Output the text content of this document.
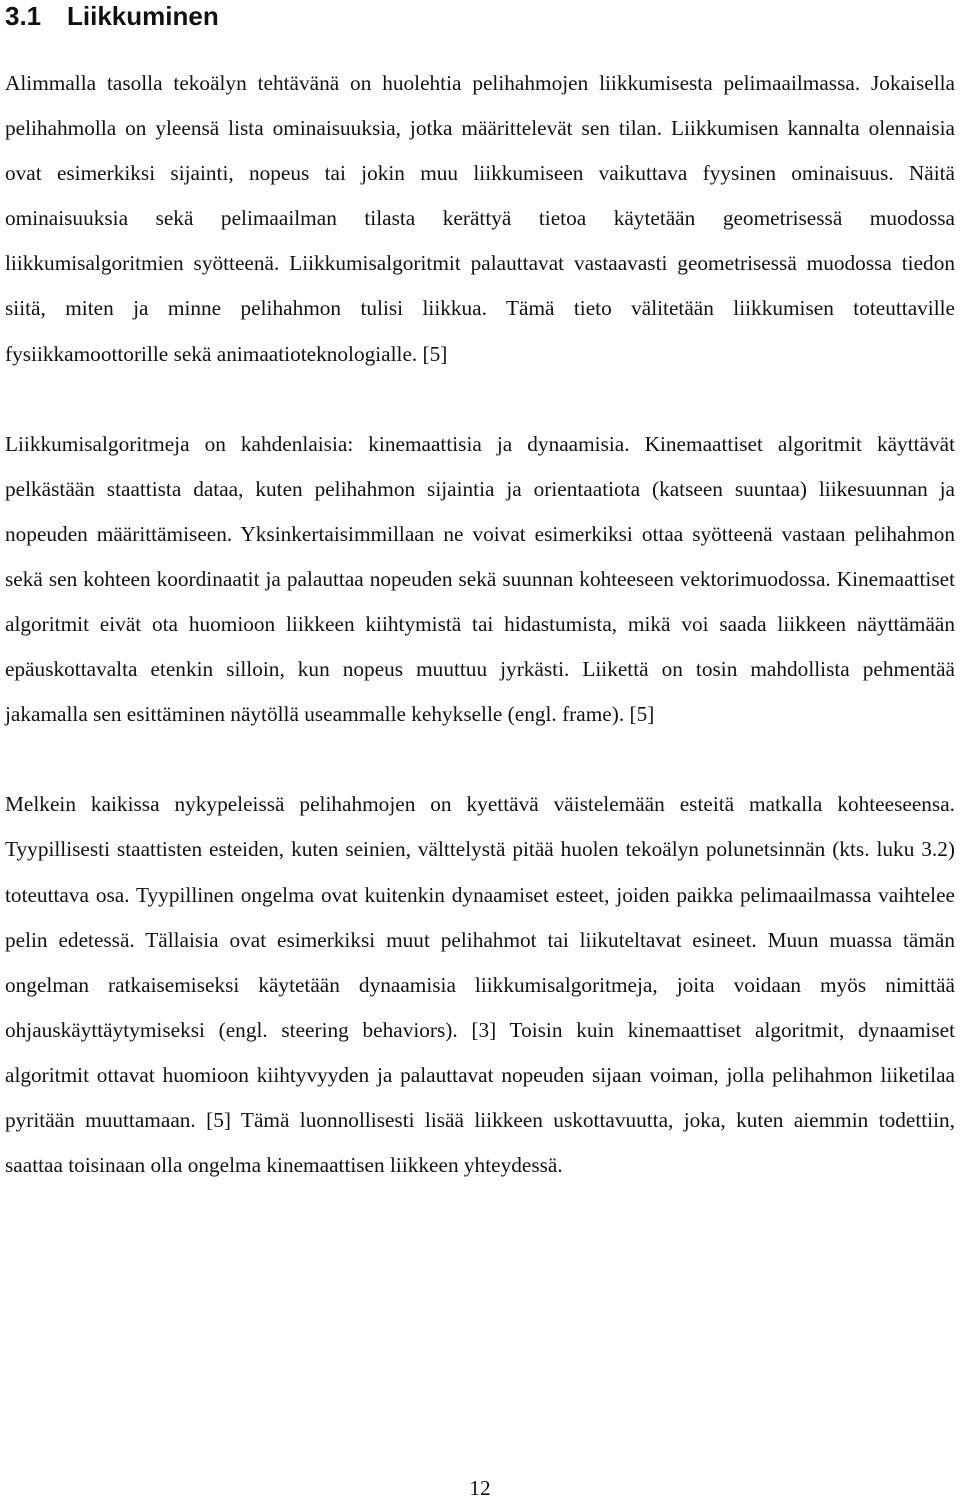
3.1 Liikkuminen

Alimmalla tasolla tekoälyn tehtävänä on huolehtia pelihahmojen liikkumisesta pelimaailmassa. Jokaisella pelihahmolla on yleensä lista ominaisuuksia, jotka määrittelevät sen tilan. Liikkumisen kannalta olennaisia ovat esimerkiksi sijainti, nopeus tai jokin muu liikkumiseen vaikuttava fyysinen ominaisuus. Näitä ominaisuuksia sekä pelimaailman tilasta kerättyä tietoa käytetään geometrisessä muodossa liikkumisalgoritmien syötteenä. Liikkumisalgoritmit palauttavat vastaavasti geometrisessä muodossa tiedon siitä, miten ja minne pelihahmon tulisi liikkua. Tämä tieto välitetään liikkumisen toteuttaville fysiikkamoottorille sekä animaatioteknologialle. [5]

Liikkumisalgoritmeja on kahdenlaisia: kinemaattisia ja dynaamisia. Kinemaattiset algoritmit käyttävät pelkästään staattista dataa, kuten pelihahmon sijaintia ja orientaatiota (katseen suuntaa) liikesuunnan ja nopeuden määrittämiseen. Yksinkertaisimmillaan ne voivat esimerkiksi ottaa syötteenä vastaan pelihahmon sekä sen kohteen koordinaatit ja palauttaa nopeuden sekä suunnan kohteeseen vektorimuodossa. Kinemaattiset algoritmit eivät ota huomioon liikkeen kiihtymistä tai hidastumista, mikä voi saada liikkeen näyttämään epäuskottavalta etenkin silloin, kun nopeus muuttuu jyrkästi. Liikettä on tosin mahdollista pehmentää jakamalla sen esittäminen näytöllä useammalle kehykselle (engl. frame). [5]

Melkein kaikissa nykypeleissä pelihahmojen on kyettävä väistelemään esteitä matkalla kohteeseensa. Tyypillisesti staattisten esteiden, kuten seinien, välttelystä pitää huolen tekoälyn polunetsinnän (kts. luku 3.2) toteuttava osa. Tyypillinen ongelma ovat kuitenkin dynaamiset esteet, joiden paikka pelimaailmassa vaihtelee pelin edetessä. Tällaisia ovat esimerkiksi muut pelihahmot tai liikuteltavat esineet. Muun muassa tämän ongelman ratkaisemiseksi käytetään dynaamisia liikkumisalgoritmeja, joita voidaan myös nimittää ohjauskäyttäytymiseksi (engl. steering behaviors). [3] Toisin kuin kinemaattiset algoritmit, dynaamiset algoritmit ottavat huomioon kiihtyvyyden ja palauttavat nopeuden sijaan voiman, jolla pelihahmon liiketilaa pyritään muuttamaan. [5] Tämä luonnollisesti lisää liikkeen uskottavuutta, joka, kuten aiemmin todettiin, saattaa toisinaan olla ongelma kinemaattisen liikkeen yhteydessä.

12
